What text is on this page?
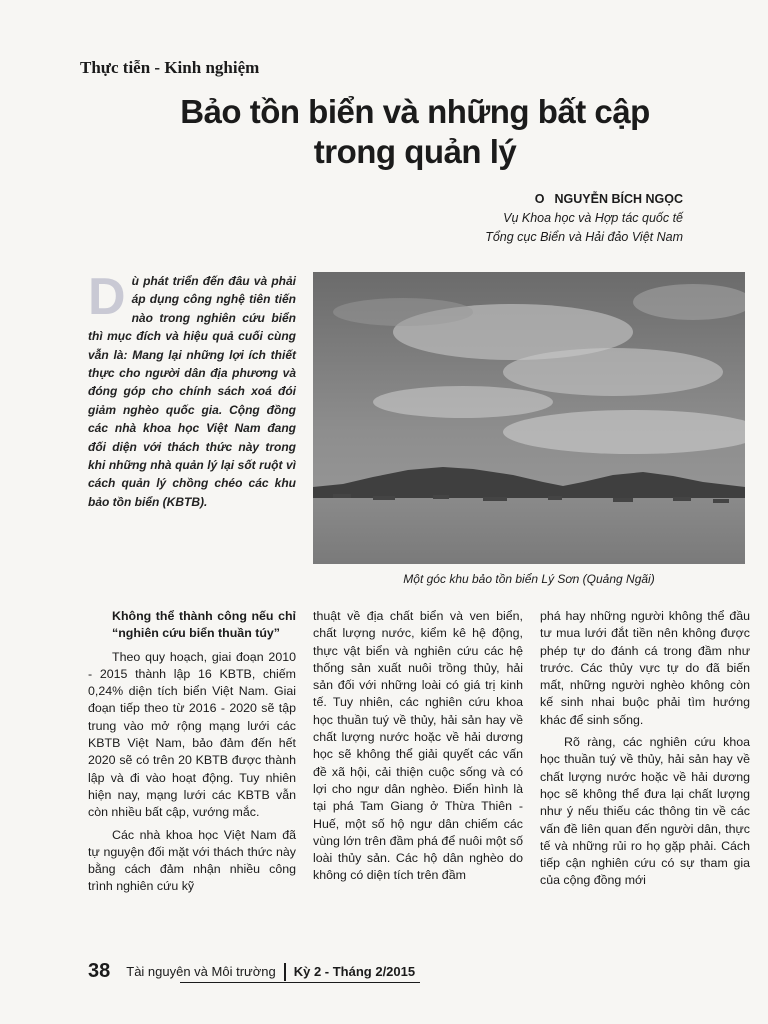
Thực tiễn - Kinh nghiệm
Bảo tồn biển và những bất cập
trong quản lý
O NGUYỄN BÍCH NGỌC
Vụ Khoa học và Hợp tác quốc tế
Tổng cục Biển và Hải đảo Việt Nam
Dù phát triển đến đâu và phải áp dụng công nghệ tiên tiến nào trong nghiên cứu biển thì mục đích và hiệu quả cuối cùng vẫn là: Mang lại những lợi ích thiết thực cho người dân địa phương và đóng góp cho chính sách xoá đói giảm nghèo quốc gia. Cộng đồng các nhà khoa học Việt Nam đang đối diện với thách thức này trong khi những nhà quản lý lại sốt ruột vì cách quản lý chồng chéo các khu bảo tồn biển (KBTB).
Một góc khu bảo tồn biển Lý Sơn (Quảng Ngãi)

Không thể thành công nếu chỉ “nghiên cứu biển thuần túy”

Theo quy hoạch, giai đoạn 2010 - 2015 thành lập 16 KBTB, chiếm 0,24% diện tích biển Việt Nam. Giai đoạn tiếp theo từ 2016 - 2020 sẽ tập trung vào mở rộng mạng lưới các KBTB Việt Nam, bảo đảm đến hết 2020 sẽ có trên 20 KBTB được thành lập và đi vào hoạt động. Tuy nhiên hiện nay, mạng lưới các KBTB vẫn còn nhiều bất cập, vướng mắc.

Các nhà khoa học Việt Nam đã tự nguyện đối mặt với thách thức này bằng cách đảm nhận nhiều công trình nghiên cứu kỹ

thuật về địa chất biển và ven biển, chất lượng nước, kiểm kê hệ động, thực vật biển và nghiên cứu các hệ thống sản xuất nuôi trồng thủy, hải sản đối với những loài có giá trị kinh tế. Tuy nhiên, các nghiên cứu khoa học thuần tuý về thủy, hải sản hay về chất lượng nước hoặc về hải dương học sẽ không thể giải quyết các vấn đề xã hội, cải thiện cuộc sống và có lợi cho ngư dân nghèo. Điển hình là tại phá Tam Giang ở Thừa Thiên - Huế, một số hộ ngư dân chiếm các vùng lớn trên đầm phá để nuôi một số loài thủy sản. Các hộ dân nghèo do không có diện tích trên đầm

phá hay những người không thể đầu tư mua lưới đắt tiền nên không được phép tự do đánh cá trong đầm như trước. Các thủy vực tự do đã biến mất, những người nghèo không còn kế sinh nhai buộc phải tìm hướng khác để sinh sống.

Rõ ràng, các nghiên cứu khoa học thuần tuý về thủy, hải sản hay về chất lượng nước hoặc về hải dương học sẽ không thể đưa lại chất lượng như ý nếu thiếu các thông tin về các vấn đề liên quan đến người dân, thực tế và những rủi ro họ gặp phải. Cách tiếp cận nghiên cứu có sự tham gia của cộng đồng mới

38 Tài nguyên và Môi trường Kỳ 2 - Tháng 2/2015
